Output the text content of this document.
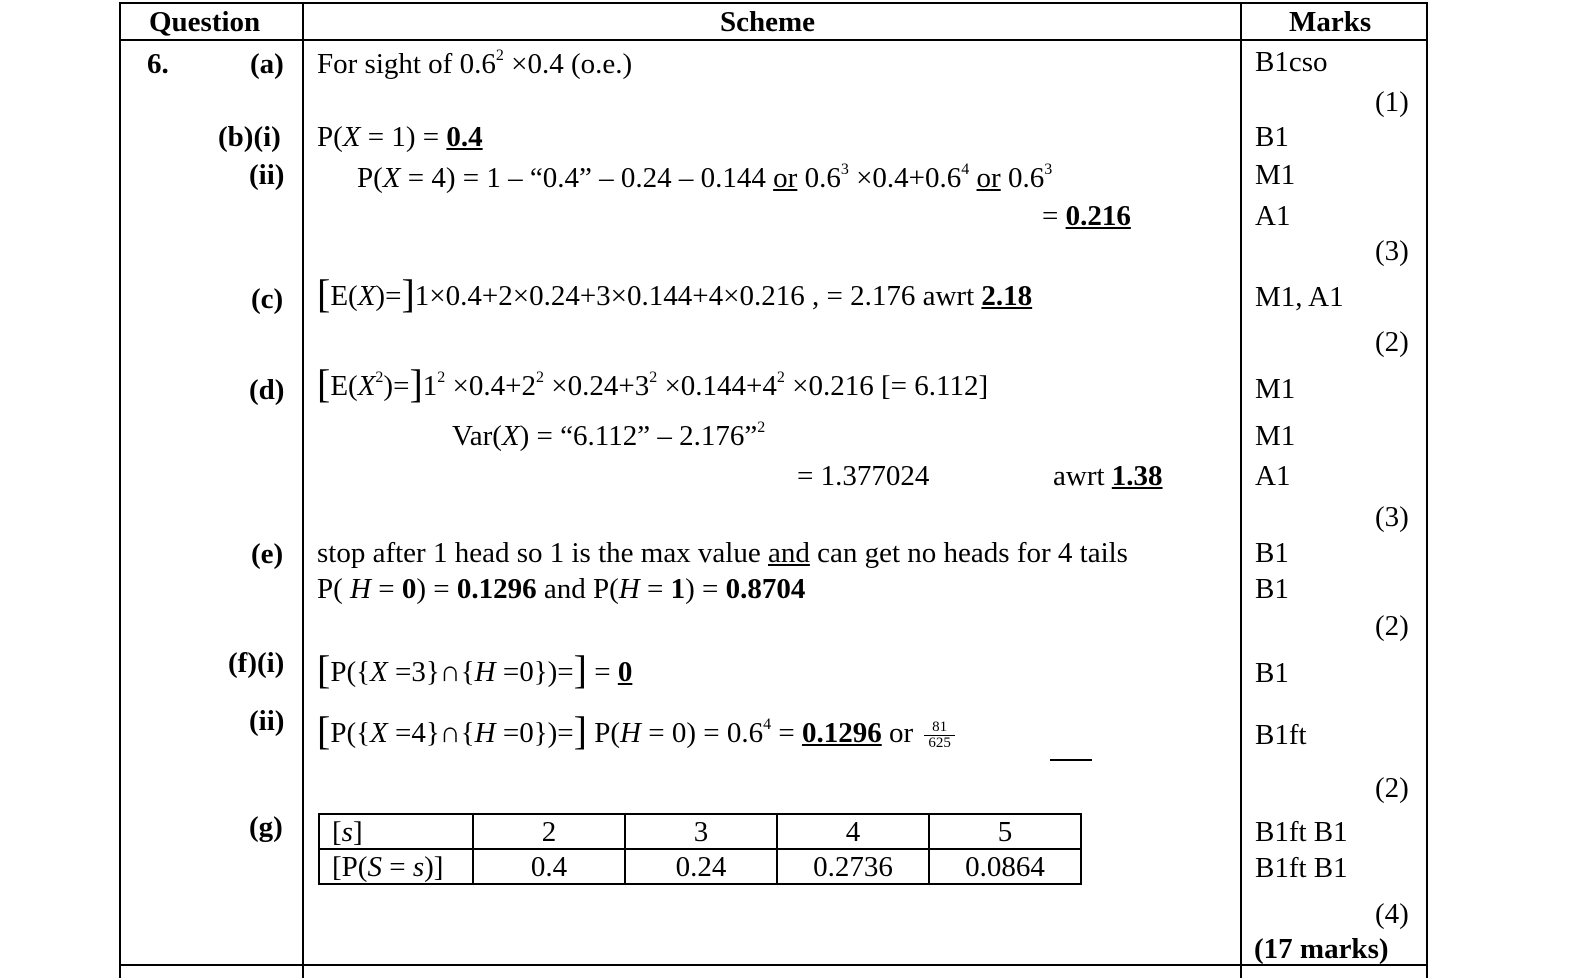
Question	Scheme	Marks
6.	(a) For sight of $0.6^2 \times 0.4$ (o.e.)	B1cso
(1)
(b)(i) P(X = 1) = 0.4	B1
(ii)	P(X = 4) = 1 – “0.4” – 0.24 – 0.144 or $0.6^3 \times 0.4+0.6^4$ or $0.6^3$	M1
= 0.216	A1
(3)
(c) [E(X)=]1×0.4+2×0.24+3×0.144+4×0.216 , = 2.176 awrt 2.18	M1, A1
(2)
(d) $[E(X^2)=]1^2 \times 0.4+2^2 \times 0.24+3^2 \times 0.144+4^2 \times 0.216$ [= 6.112]	M1
Var(X) = “6.112” – 2.176”$^2$	M1
= 1.377024	awrt 1.38	A1
(3)
(e) stop after 1 head so 1 is the max value and can get no heads for 4 tails	B1
P( H = 0) = 0.1296 and P(H = 1) = 0.8704	B1
(2)
(f)(i) [P({X =3}∩{H =0})=] = 0	B1
(ii) [P({X =4}∩{H =0})=] $P(H = 0) = 0.6^4 = 0.1296$ or $\frac{81}{625}$	B1ft
(2)
(g) [s]	2	3	4	5
[P(S = s)]	0.4	0.24	0.2736	0.0864
B1ft B1
B1ft B1
(4)
(17 marks)
